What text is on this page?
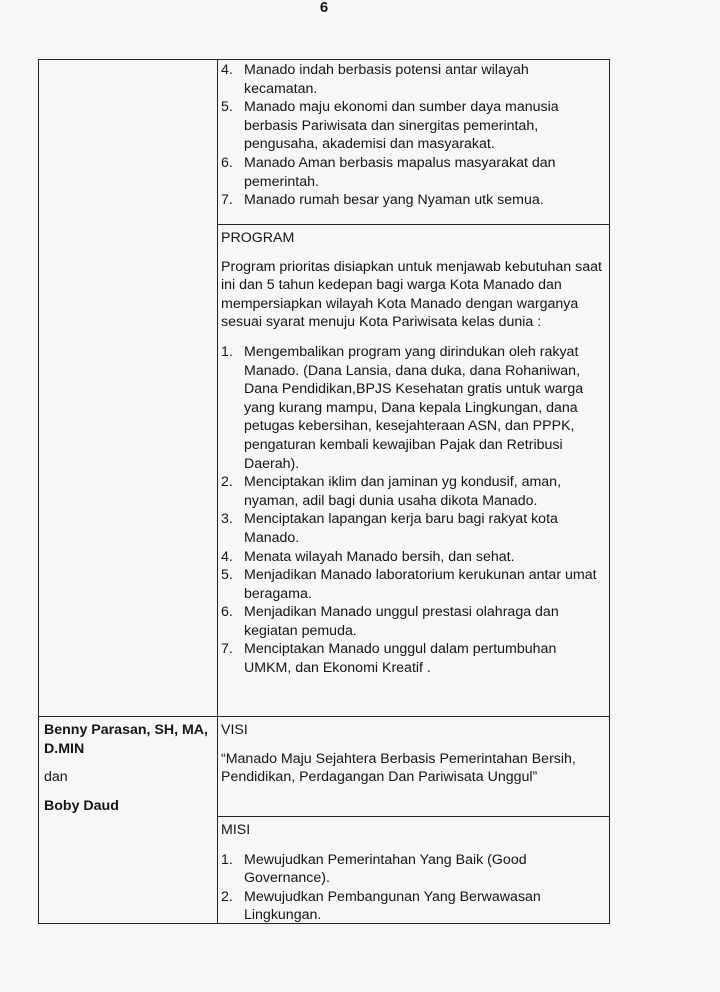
6
4. Manado indah berbasis potensi antar wilayah kecamatan.
5. Manado maju ekonomi dan sumber daya manusia berbasis Pariwisata dan sinergitas pemerintah, pengusaha, akademisi dan masyarakat.
6. Manado Aman berbasis mapalus masyarakat dan pemerintah.
7. Manado rumah besar yang Nyaman utk semua.
PROGRAM
Program prioritas disiapkan untuk menjawab kebutuhan saat ini dan 5 tahun kedepan bagi warga Kota Manado dan mempersiapkan wilayah Kota Manado dengan warganya sesuai syarat menuju Kota Pariwisata kelas dunia :
1. Mengembalikan program yang dirindukan oleh rakyat Manado. (Dana Lansia, dana duka, dana Rohaniwan, Dana Pendidikan,BPJS Kesehatan gratis untuk warga yang kurang mampu, Dana kepala Lingkungan, dana petugas kebersihan, kesejahteraan ASN, dan PPPK, pengaturan kembali kewajiban Pajak dan Retribusi Daerah).
2. Menciptakan iklim dan jaminan yg kondusif, aman, nyaman, adil bagi dunia usaha dikota Manado.
3. Menciptakan lapangan kerja baru bagi rakyat kota Manado.
4. Menata wilayah Manado bersih, dan sehat.
5. Menjadikan Manado laboratorium kerukunan antar umat beragama.
6. Menjadikan Manado unggul prestasi olahraga dan kegiatan pemuda.
7. Menciptakan Manado unggul dalam pertumbuhan UMKM, dan Ekonomi Kreatif .
Benny Parasan, SH, MA, D.MIN
dan
Boby Daud
VISI
“Manado Maju Sejahtera Berbasis Pemerintahan Bersih, Pendidikan, Perdagangan Dan Pariwisata Unggul”
MISI
1. Mewujudkan Pemerintahan Yang Baik (Good Governance).
2. Mewujudkan Pembangunan Yang Berwawasan Lingkungan.
